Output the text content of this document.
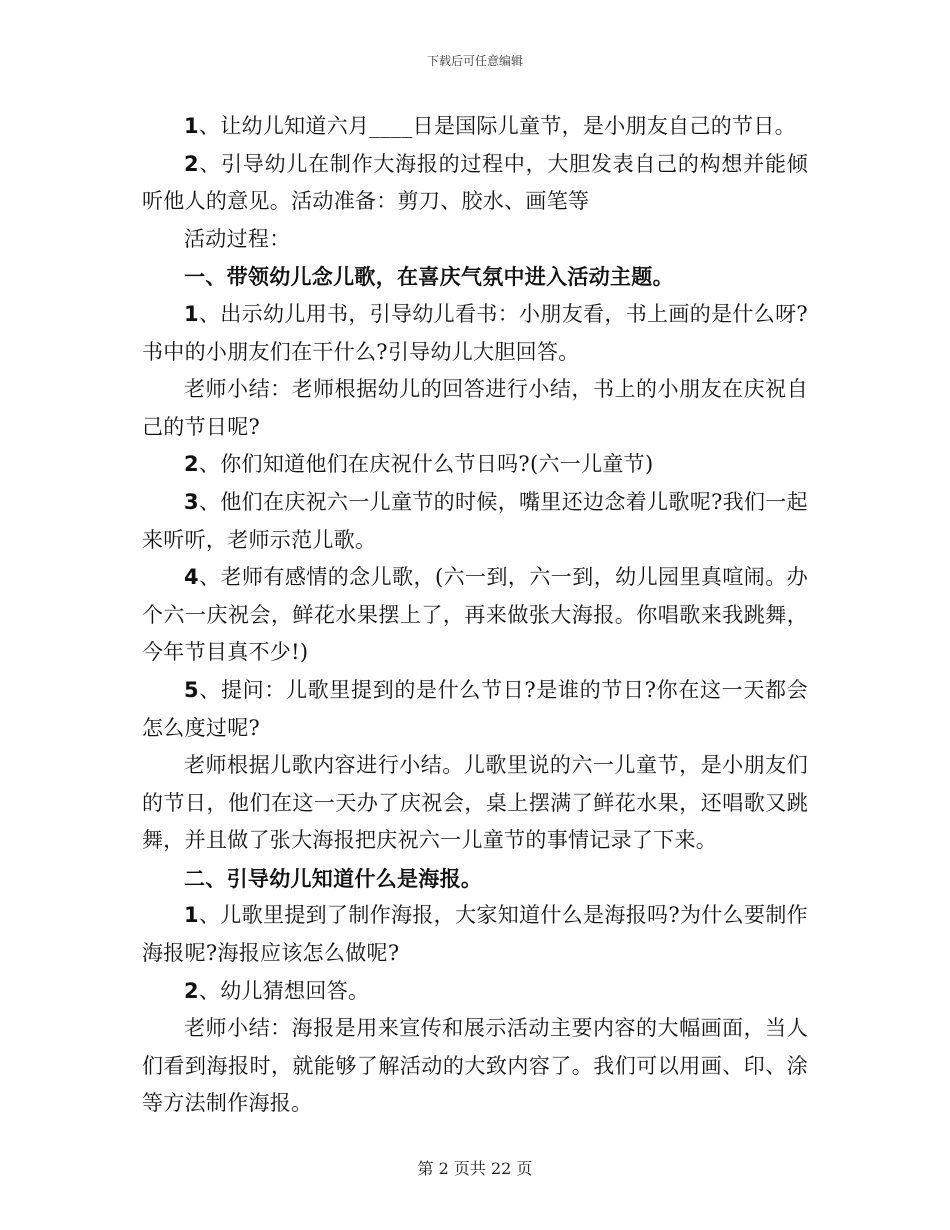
下载后可任意编辑

1、让幼儿知道六月____日是国际儿童节，是小朋友自己的节日。

2、引导幼儿在制作大海报的过程中，大胆发表自己的构想并能倾听他人的意见。活动准备：剪刀、胶水、画笔等

活动过程：

一、带领幼儿念儿歌，在喜庆气氛中进入活动主题。

1、出示幼儿用书，引导幼儿看书：小朋友看，书上画的是什么呀?书中的小朋友们在干什么?引导幼儿大胆回答。

老师小结：老师根据幼儿的回答进行小结，书上的小朋友在庆祝自己的节日呢?

2、你们知道他们在庆祝什么节日吗?(六一儿童节)

3、他们在庆祝六一儿童节的时候，嘴里还边念着儿歌呢?我们一起来听听，老师示范儿歌。

4、老师有感情的念儿歌，(六一到，六一到，幼儿园里真喧闹。办个六一庆祝会，鲜花水果摆上了，再来做张大海报。你唱歌来我跳舞，今年节目真不少!)

5、提问：儿歌里提到的是什么节日?是谁的节日?你在这一天都会怎么度过呢?

老师根据儿歌内容进行小结。儿歌里说的六一儿童节，是小朋友们的节日，他们在这一天办了庆祝会，桌上摆满了鲜花水果，还唱歌又跳舞，并且做了张大海报把庆祝六一儿童节的事情记录了下来。

二、引导幼儿知道什么是海报。

1、儿歌里提到了制作海报，大家知道什么是海报吗?为什么要制作海报呢?海报应该怎么做呢?

2、幼儿猜想回答。

老师小结：海报是用来宣传和展示活动主要内容的大幅画面，当人们看到海报时，就能够了解活动的大致内容了。我们可以用画、印、涂等方法制作海报。

第 2 页共 22 页
